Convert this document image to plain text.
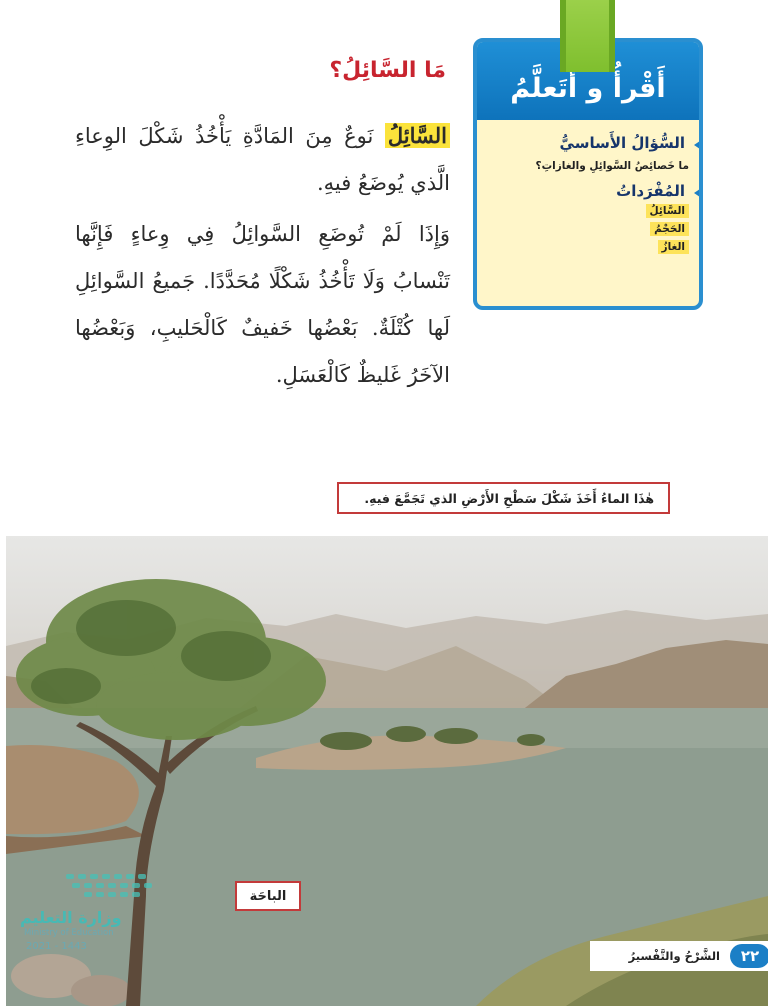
أَقْرأُ و أَتَعلَّمُ
السُّؤالُ الأَساسيُّ
ما خَصائِصُ السَّوائِلِ والغازاتِ؟
المُفْرَداتُ
السَّائِلُ
الحَجْمُ
الغازُ
مَا السَّائِلُ؟

السَّائِلُ نَوعٌ مِنَ المَادَّةِ يَأْخُذُ شَكْلَ الوِعاءِ الَّذي يُوضَعُ فيهِ.

وَإِذَا لَمْ تُوضَعِ السَّوائِلُ فِي وِعاءٍ فَإِنَّها تَنْسابُ وَلَا تَأْخُذُ شَكْلًا مُحَدَّدًا. جَميعُ السَّوائِلِ لَها كُتْلَةٌ. بَعْضُها خَفيفٌ كَالْحَليبِ، وَبَعْضُها الآخَرُ غَليظٌ كَالْعَسَلِ.

هٰذَا الماءُ أَخَذَ شَكْلَ سَطْحِ الأَرْضِ الذي تَجَمَّعَ فيهِ.
وزارة التعليم
Ministry of Education
2021 - 1443
الباحَة
٢٢
الشَّرْحُ والتَّفْسيرُ
